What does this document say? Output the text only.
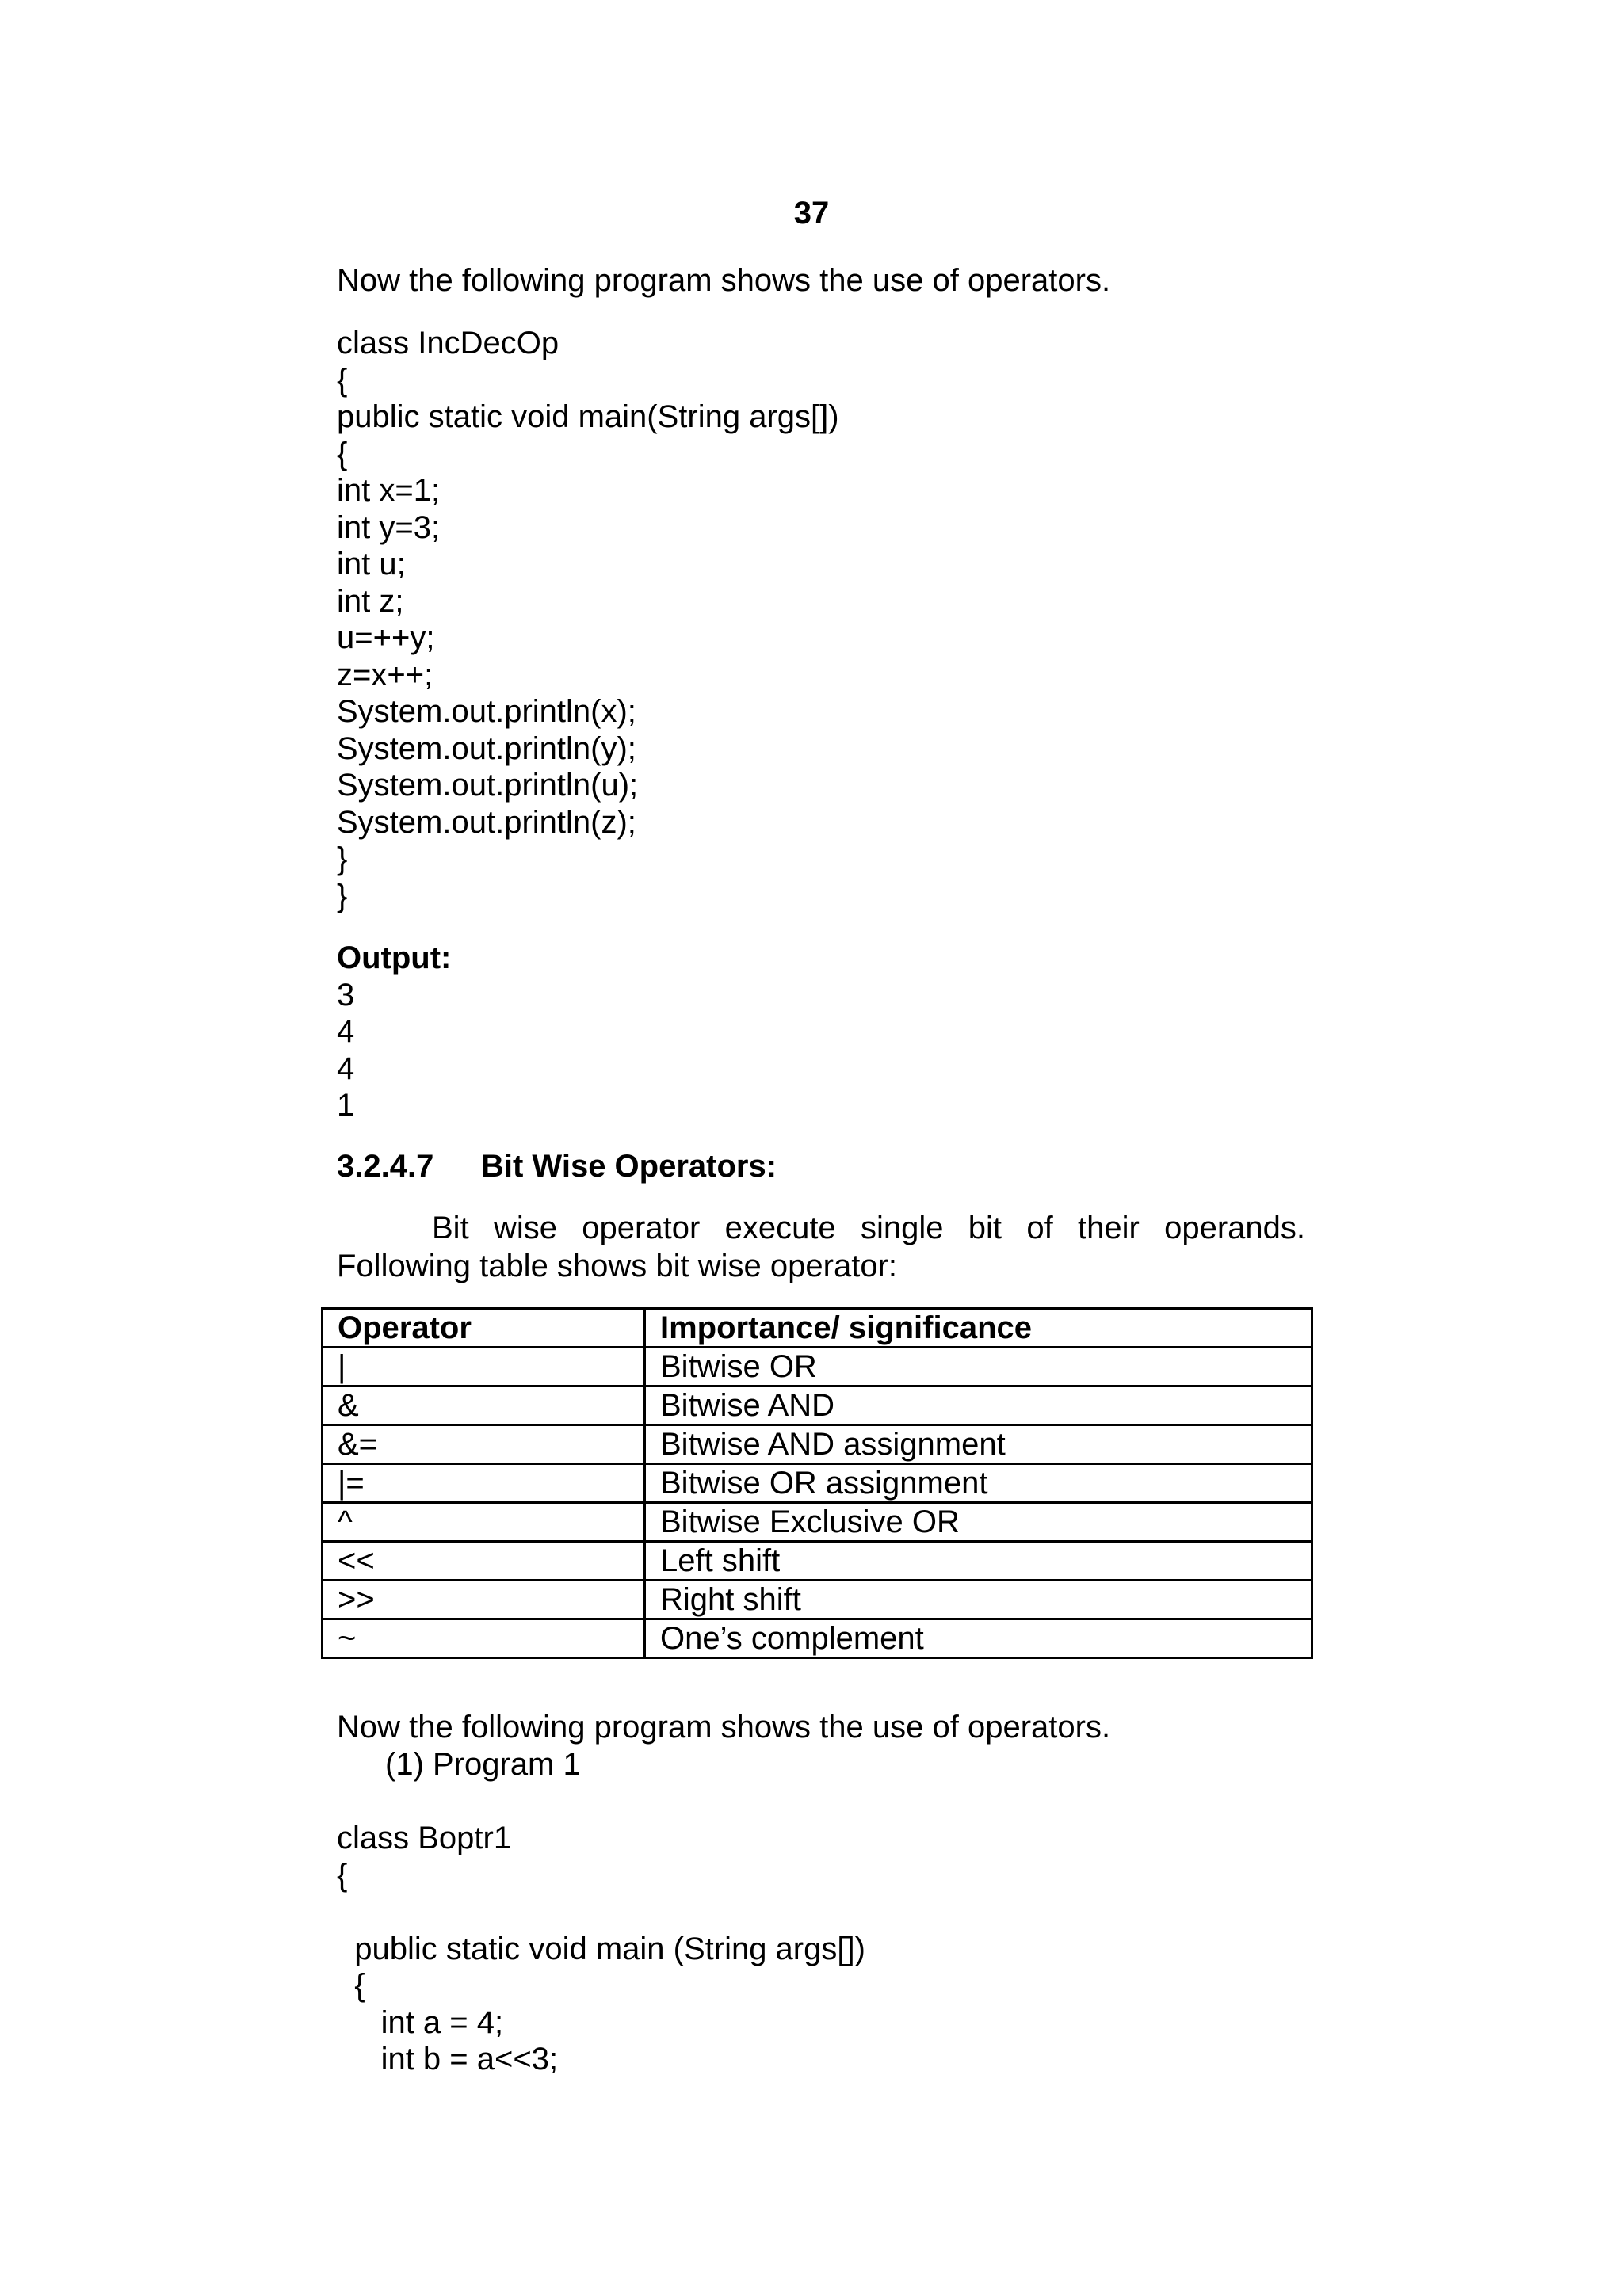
37
Now the following program shows the use of operators.
class IncDecOp
{
public static void main(String args[])
{
int x=1;
int y=3;
int u;
int z;
u=++y;
z=x++;
System.out.println(x);
System.out.println(y);
System.out.println(u);
System.out.println(z);
}
}
Output:
3
4
4
1
3.2.4.7 Bit Wise Operators:
Bit wise operator execute single bit of their operands. Following table shows bit wise operator:
Operator	Importance/ significance
|	Bitwise OR
&	Bitwise AND
&=	Bitwise AND assignment
|=	Bitwise OR assignment
^	Bitwise Exclusive OR
<<	Left shift
>>	Right shift
~	One’s complement
Now the following program shows the use of operators.
(1) Program 1
class Boptr1
{
public static void main (String args[])
{
int a = 4;
int b = a<<3;
